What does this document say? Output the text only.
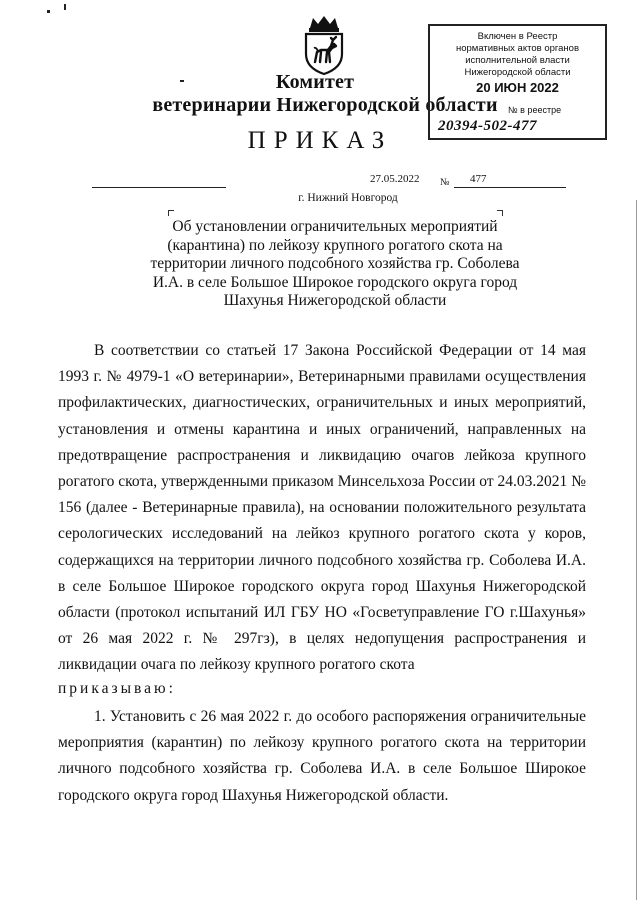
Комитет
ветеринарии Нижегородской области
ПРИКАЗ
Включен в Реестр
нормативных актов органов
исполнительной власти
Нижегородской области
20 ИЮН 2022
№ в реестре
20394-502-477
27.05.2022 № 477
г. Нижний Новгород
Об установлении ограничительных мероприятий (карантина) по лейкозу крупного рогатого скота на территории личного подсобного хозяйства гр. Соболева И.А. в селе Большое Широкое городского округа город Шахунья Нижегородской области
В соответствии со статьей 17 Закона Российской Федерации от 14 мая 1993 г. № 4979-1 «О ветеринарии», Ветеринарными правилами осуществления профилактических, диагностических, ограничительных и иных мероприятий, установления и отмены карантина и иных ограничений, направленных на предотвращение распространения и ликвидацию очагов лейкоза крупного рогатого скота, утвержденными приказом Минсельхоза России от 24.03.2021 № 156 (далее - Ветеринарные правила), на основании положительного результата серологических исследований на лейкоз крупного рогатого скота у коров, содержащихся на территории личного подсобного хозяйства гр. Соболева И.А. в селе Большое Широкое городского округа город Шахунья Нижегородской области (протокол испытаний ИЛ ГБУ НО «Госветуправление ГО г.Шахунья» от 26 мая 2022 г. № 297гз), в целях недопущения распространения и ликвидации очага по лейкозу крупного рогатого скота
приказываю:
1. Установить с 26 мая 2022 г. до особого распоряжения ограничительные мероприятия (карантин) по лейкозу крупного рогатого скота на территории личного подсобного хозяйства гр. Соболева И.А. в селе Большое Широкое городского округа город Шахунья Нижегородской области.
